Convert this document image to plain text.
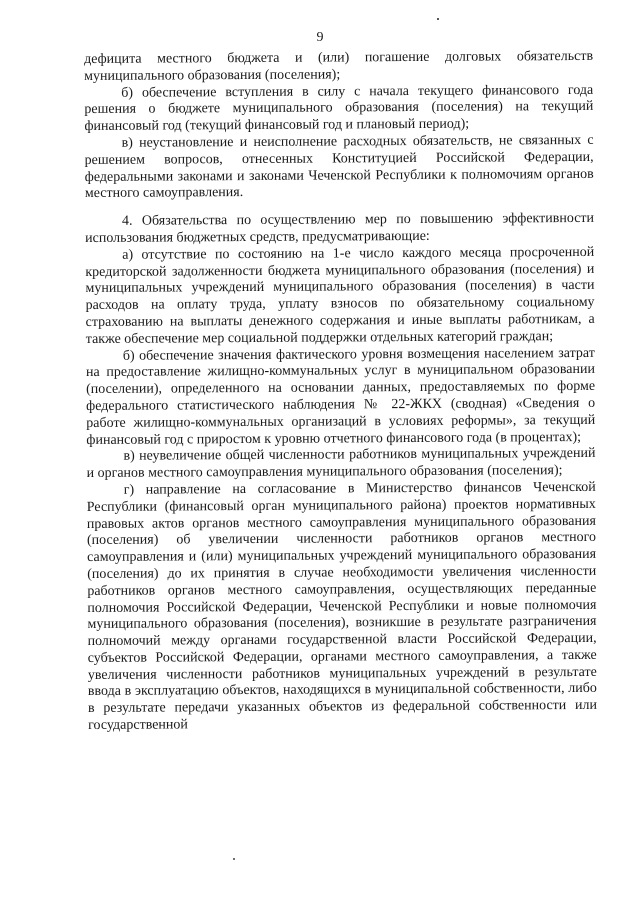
9

дефицита местного бюджета и (или) погашение долговых обязательств муниципального образования (поселения);

б) обеспечение вступления в силу с начала текущего финансового года решения о бюджете муниципального образования (поселения) на текущий финансовый год (текущий финансовый год и плановый период);

в) неустановление и неисполнение расходных обязательств, не связанных с решением вопросов, отнесенных Конституцией Российской Федерации, федеральными законами и законами Чеченской Республики к полномочиям органов местного самоуправления.

4. Обязательства по осуществлению мер по повышению эффективности использования бюджетных средств, предусматривающие:

а) отсутствие по состоянию на 1-е число каждого месяца просроченной кредиторской задолженности бюджета муниципального образования (поселения) и муниципальных учреждений муниципального образования (поселения) в части расходов на оплату труда, уплату взносов по обязательному социальному страхованию на выплаты денежного содержания и иные выплаты работникам, а также обеспечение мер социальной поддержки отдельных категорий граждан;

б) обеспечение значения фактического уровня возмещения населением затрат на предоставление жилищно-коммунальных услуг в муниципальном образовании (поселении), определенного на основании данных, предоставляемых по форме федерального статистического наблюдения № 22-ЖКХ (сводная) «Сведения о работе жилищно-коммунальных организаций в условиях реформы», за текущий финансовый год с приростом к уровню отчетного финансового года (в процентах);

в) неувеличение общей численности работников муниципальных учреждений и органов местного самоуправления муниципального образования (поселения);

г) направление на согласование в Министерство финансов Чеченской Республики (финансовый орган муниципального района) проектов нормативных правовых актов органов местного самоуправления муниципального образования (поселения) об увеличении численности работников органов местного самоуправления и (или) муниципальных учреждений муниципального образования (поселения) до их принятия в случае необходимости увеличения численности работников органов местного самоуправления, осуществляющих переданные полномочия Российской Федерации, Чеченской Республики и новые полномочия муниципального образования (поселения), возникшие в результате разграничения полномочий между органами государственной власти Российской Федерации, субъектов Российской Федерации, органами местного самоуправления, а также увеличения численности работников муниципальных учреждений в результате ввода в эксплуатацию объектов, находящихся в муниципальной собственности, либо в результате передачи указанных объектов из федеральной собственности или государственной
